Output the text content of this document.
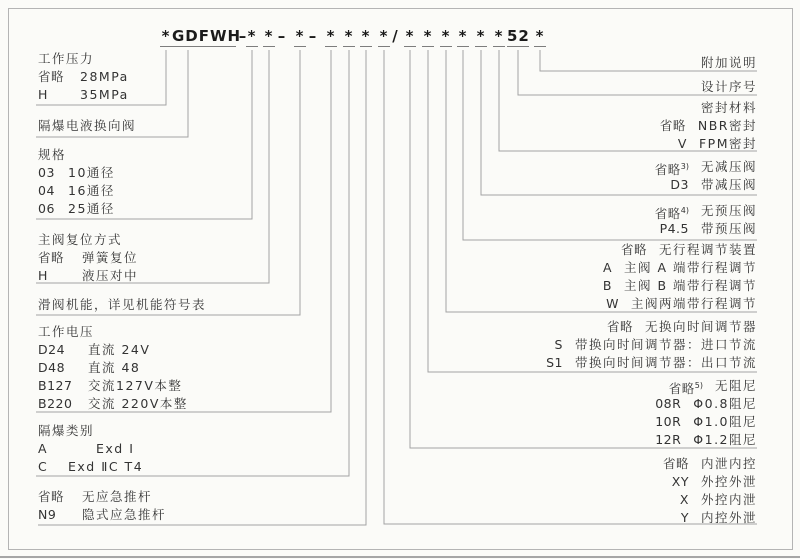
* GDFWH
– * * – * – * * * * / * * * * * * 52 *
工作压力
省略 28MPa
H	35MPa
隔爆电液换向阀
规格
03 10通径
04 16通径
06 25通径
主阀复位方式
省略 弹簧复位
H	液压对中
滑阀机能，详见机能符号表
工作电压
D24 直流 24V
D48 直流 48
B127 交流127V本整
B220 交流 220V本整
隔爆类别
A	Exd Ⅰ
C Exd ⅡC T4
省略 无应急推杆
N9 隐式应急推杆
附加说明
设计序号
密封材料
省略 NBR密封
V FPM密封
省略$^{3)}$ 无减压阀
D3 带减压阀
省略$^{4)}$ 无预压阀
P4.5 带预压阀
省略 无行程调节装置
A 主阀 A 端带行程调节
B 主阀 B 端带行程调节
W 主阀两端带行程调节
省略 无换向时间调节器
S 带换向时间调节器：进口节流
S1 带换向时间调节器：出口节流
省略$^{5)}$ 无阻尼
08R Φ0.8阻尼
10R Φ1.0阻尼
12R Φ1.2阻尼
省略 内泄内控
XY 外控外泄
X 外控内泄
Y 内控外泄
